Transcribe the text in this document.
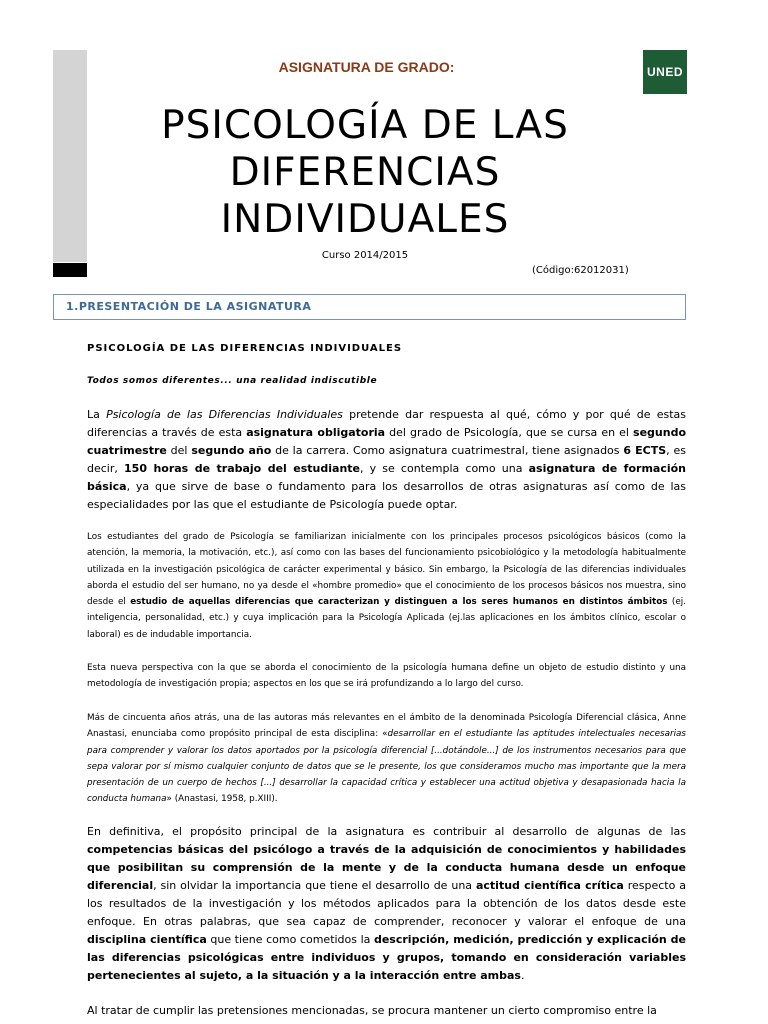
ASIGNATURA DE GRADO:	UNED
PSICOLOGÍA DE LAS
DIFERENCIAS
INDIVIDUALES
Curso 2014/2015
(Código:62012031)
1.PRESENTACIÓN DE LA ASIGNATURA
PSICOLOGÍA DE LAS DIFERENCIAS INDIVIDUALES
Todos somos diferentes... una realidad indiscutible
La Psicología de las Diferencias Individuales pretende dar respuesta al qué, cómo y por qué de estas diferencias a través de esta asignatura obligatoria del grado de Psicología, que se cursa en el segundo cuatrimestre del segundo año de la carrera. Como asignatura cuatrimestral, tiene asignados 6 ECTS, es decir, 150 horas de trabajo del estudiante, y se contempla como una asignatura de formación básica, ya que sirve de base o fundamento para los desarrollos de otras asignaturas así como de las especialidades por las que el estudiante de Psicología puede optar.
Los estudiantes del grado de Psicología se familiarizan inicialmente con los principales procesos psicológicos básicos (como la atención, la memoria, la motivación, etc.), así como con las bases del funcionamiento psicobiológico y la metodología habitualmente utilizada en la investigación psicológica de carácter experimental y básico. Sin embargo, la Psicología de las diferencias individuales aborda el estudio del ser humano, no ya desde el «hombre promedio» que el conocimiento de los procesos básicos nos muestra, sino desde el estudio de aquellas diferencias que caracterizan y distinguen a los seres humanos en distintos ámbitos (ej. inteligencia, personalidad, etc.) y cuya implicación para la Psicología Aplicada (ej.las aplicaciones en los ámbitos clínico, escolar o laboral) es de indudable importancia.
Esta nueva perspectiva con la que se aborda el conocimiento de la psicología humana define un objeto de estudio distinto y una metodología de investigación propia; aspectos en los que se irá profundizando a lo largo del curso.
Más de cincuenta años atrás, una de las autoras más relevantes en el ámbito de la denominada Psicología Diferencial clásica, Anne Anastasi, enunciaba como propósito principal de esta disciplina: «desarrollar en el estudiante las aptitudes intelectuales necesarias para comprender y valorar los datos aportados por la psicología diferencial [...dotándole...] de los instrumentos necesarios para que sepa valorar por sí mismo cualquier conjunto de datos que se le presente, los que consideramos mucho mas importante que la mera presentación de un cuerpo de hechos [...] desarrollar la capacidad crítica y establecer una actitud objetiva y desapasionada hacia la conducta humana» (Anastasi, 1958, p.XIII).
En definitiva, el propósito principal de la asignatura es contribuir al desarrollo de algunas de las competencias básicas del psicólogo a través de la adquisición de conocimientos y habilidades que posibilitan su comprensión de la mente y de la conducta humana desde un enfoque diferencial, sin olvidar la importancia que tiene el desarrollo de una actitud científica crítica respecto a los resultados de la investigación y los métodos aplicados para la obtención de los datos desde este enfoque. En otras palabras, que sea capaz de comprender, reconocer y valorar el enfoque de una disciplina científica que tiene como cometidos la descripción, medición, predicción y explicación de las diferencias psicológicas entre individuos y grupos, tomando en consideración variables pertenecientes al sujeto, a la situación y a la interacción entre ambas.
Al tratar de cumplir las pretensiones mencionadas, se procura mantener un cierto compromiso entre la
